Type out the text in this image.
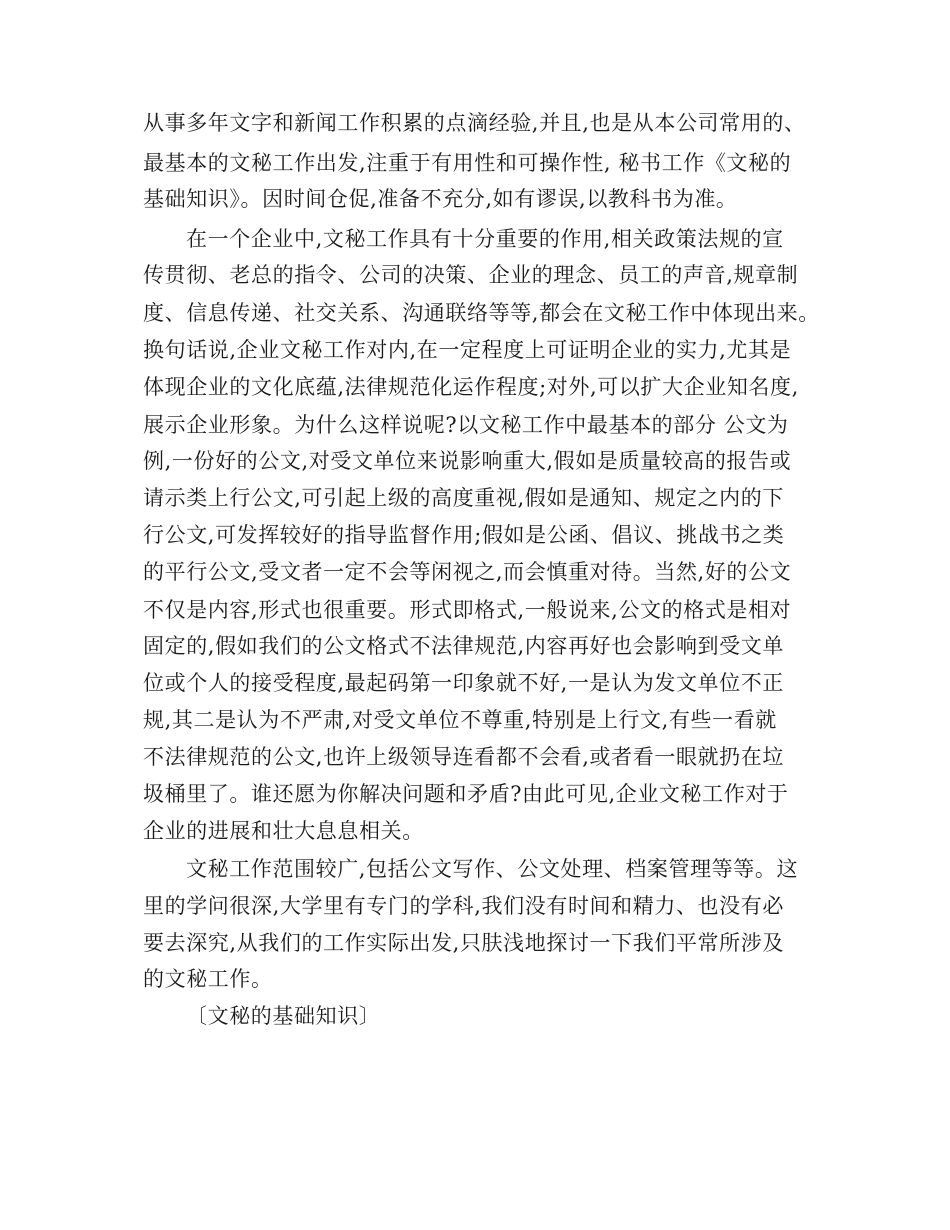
从事多年文字和新闻工作积累的点滴经验,并且,也是从本公司常用的、
最基本的文秘工作出发,注重于有用性和可操作性, 秘书工作《文秘的
基础知识》。因时间仓促,准备不充分,如有谬误,以教科书为准。
在一个企业中,文秘工作具有十分重要的作用,相关政策法规的宣
传贯彻、老总的指令、公司的决策、企业的理念、员工的声音,规章制
度、信息传递、社交关系、沟通联络等等,都会在文秘工作中体现出来。
换句话说,企业文秘工作对内,在一定程度上可证明企业的实力,尤其是
体现企业的文化底蕴,法律规范化运作程度;对外,可以扩大企业知名度,
展示企业形象。为什么这样说呢?以文秘工作中最基本的部分 公文为
例,一份好的公文,对受文单位来说影响重大,假如是质量较高的报告或
请示类上行公文,可引起上级的高度重视,假如是通知、规定之内的下
行公文,可发挥较好的指导监督作用;假如是公函、倡议、挑战书之类
的平行公文,受文者一定不会等闲视之,而会慎重对待。当然,好的公文
不仅是内容,形式也很重要。形式即格式,一般说来,公文的格式是相对
固定的,假如我们的公文格式不法律规范,内容再好也会影响到受文单
位或个人的接受程度,最起码第一印象就不好,一是认为发文单位不正
规,其二是认为不严肃,对受文单位不尊重,特别是上行文,有些一看就
不法律规范的公文,也许上级领导连看都不会看,或者看一眼就扔在垃
圾桶里了。谁还愿为你解决问题和矛盾?由此可见,企业文秘工作对于
企业的进展和壮大息息相关。
文秘工作范围较广,包括公文写作、公文处理、档案管理等等。这
里的学问很深,大学里有专门的学科,我们没有时间和精力、也没有必
要去深究,从我们的工作实际出发,只肤浅地探讨一下我们平常所涉及
的文秘工作。
〔文秘的基础知识〕
